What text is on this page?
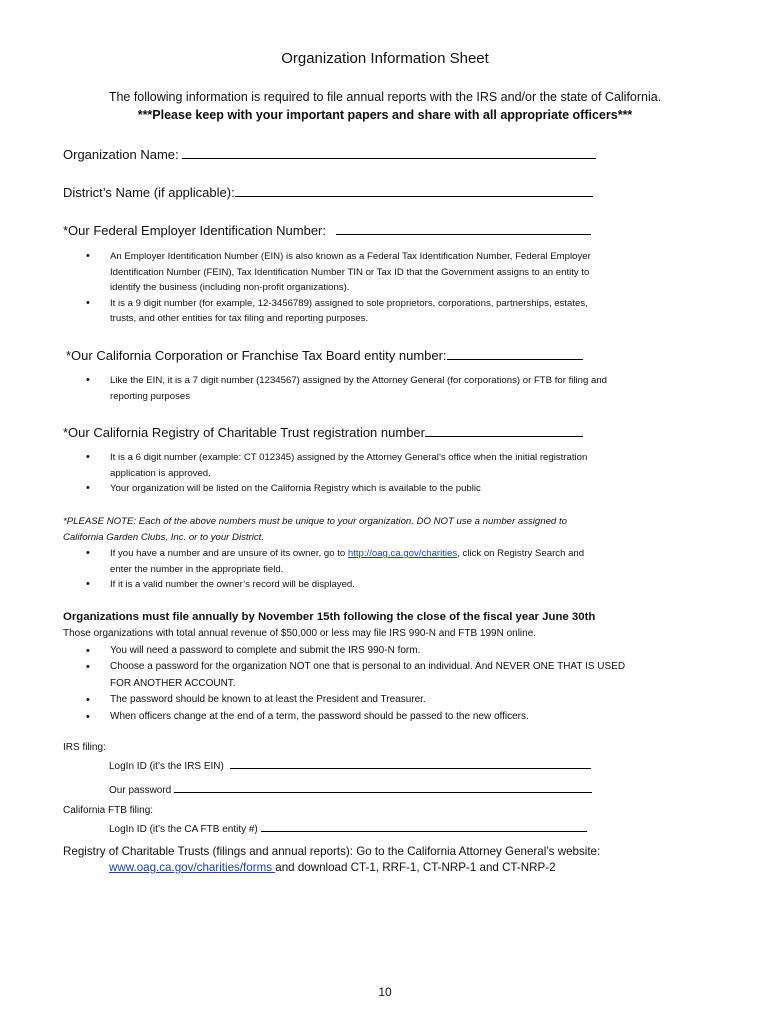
Organization Information Sheet
The following information is required to file annual reports with the IRS and/or the state of California.
***Please keep with your important papers and share with all appropriate officers***
Organization Name:
District’s Name (if applicable):
*Our Federal Employer Identification Number:
• An Employer Identification Number (EIN) is also known as a Federal Tax Identification Number, Federal Employer
Identification Number (FEIN), Tax Identification Number TIN or Tax ID that the Government assigns to an entity to
identify the business (including non-profit organizations).
• It is a 9 digit number (for example, 12-3456789) assigned to sole proprietors, corporations, partnerships, estates,
trusts, and other entities for tax filing and reporting purposes.
*Our California Corporation or Franchise Tax Board entity number:
• Like the EIN, it is a 7 digit number (1234567) assigned by the Attorney General (for corporations) or FTB for filing and
reporting purposes
*Our California Registry of Charitable Trust registration number
• It is a 6 digit number (example: CT 012345) assigned by the Attorney General’s office when the initial registration
application is approved.
• Your organization will be listed on the California Registry which is available to the public
*PLEASE NOTE: Each of the above numbers must be unique to your organization. DO NOT use a number assigned to
California Garden Clubs, Inc. or to your District.
• If you have a number and are unsure of its owner, go to http://oag.ca.gov/charities, click on Registry Search and
enter the number in the appropriate field.
• If it is a valid number the owner’s record will be displayed.
Organizations must file annually by November 15th following the close of the fiscal year June 30th
Those organizations with total annual revenue of $50,000 or less may file IRS 990-N and FTB 199N online.
• You will need a password to complete and submit the IRS 990-N form.
• Choose a password for the organization NOT one that is personal to an individual. And NEVER ONE THAT IS USED
FOR ANOTHER ACCOUNT.
• The password should be known to at least the President and Treasurer.
• When officers change at the end of a term, the password should be passed to the new officers.
IRS filing:
LogIn ID (it’s the IRS EIN)
Our password
California FTB filing:
LogIn ID (it’s the CA FTB entity #)
Registry of Charitable Trusts (filings and annual reports): Go to the California Attorney General’s website:
www.oag.ca.gov/charities/forms and download CT-1, RRF-1, CT-NRP-1 and CT-NRP-2
10
